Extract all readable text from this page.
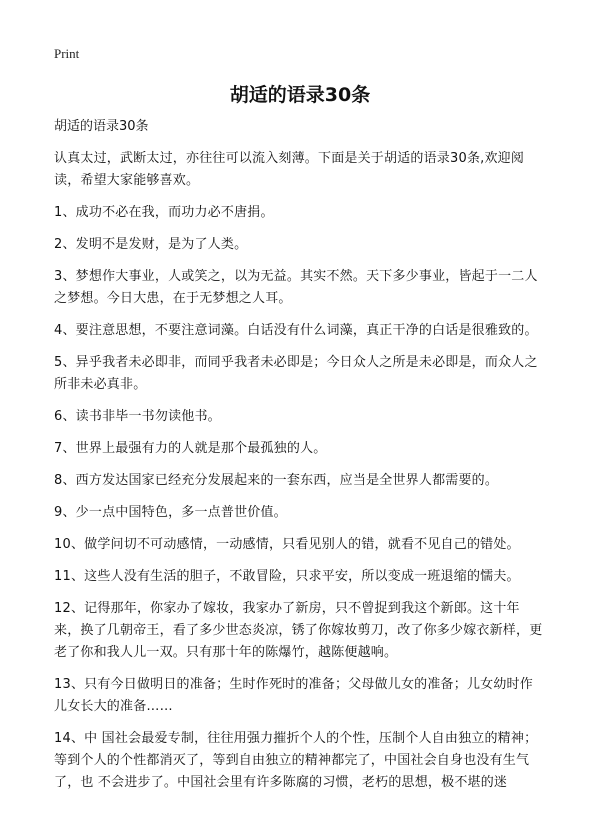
Print
胡适的语录30条

胡适的语录30条

认真太过，武断太过，亦往往可以流入刻薄。下面是关于胡适的语录30条,欢迎阅读，希望大家能够喜欢。

1、成功不必在我，而功力必不唐捐。

2、发明不是发财，是为了人类。

3、梦想作大事业，人或笑之，以为无益。其实不然。天下多少事业，皆起于一二人之梦想。今日大患，在于无梦想之人耳。

4、要注意思想，不要注意词藻。白话没有什么词藻，真正干净的白话是很雅致的。

5、异乎我者未必即非，而同乎我者未必即是；今日众人之所是未必即是，而众人之所非未必真非。

6、读书非毕一书勿读他书。

7、世界上最强有力的人就是那个最孤独的人。

8、西方发达国家已经充分发展起来的一套东西，应当是全世界人都需要的。

9、少一点中国特色，多一点普世价值。

10、做学问切不可动感情，一动感情，只看见别人的错，就看不见自己的错处。

11、这些人没有生活的胆子，不敢冒险，只求平安，所以变成一班退缩的懦夫。

12、记得那年，你家办了嫁妆，我家办了新房，只不曾捉到我这个新郎。这十年来，换了几朝帝王，看了多少世态炎凉，锈了你嫁妆剪刀，改了你多少嫁衣新样，更老了你和我人儿一双。只有那十年的陈爆竹，越陈便越响。

13、只有今日做明日的准备；生时作死时的准备；父母做儿女的准备；儿女幼时作儿女长大的准备……

14、中 国社会最爱专制，往往用强力摧折个人的个性，压制个人自由独立的精神；等到个人的个性都消灭了，等到自由独立的精神都完了，中国社会自身也没有生气了，也 不会进步了。中国社会里有许多陈腐的习惯，老朽的思想，极不堪的迷
